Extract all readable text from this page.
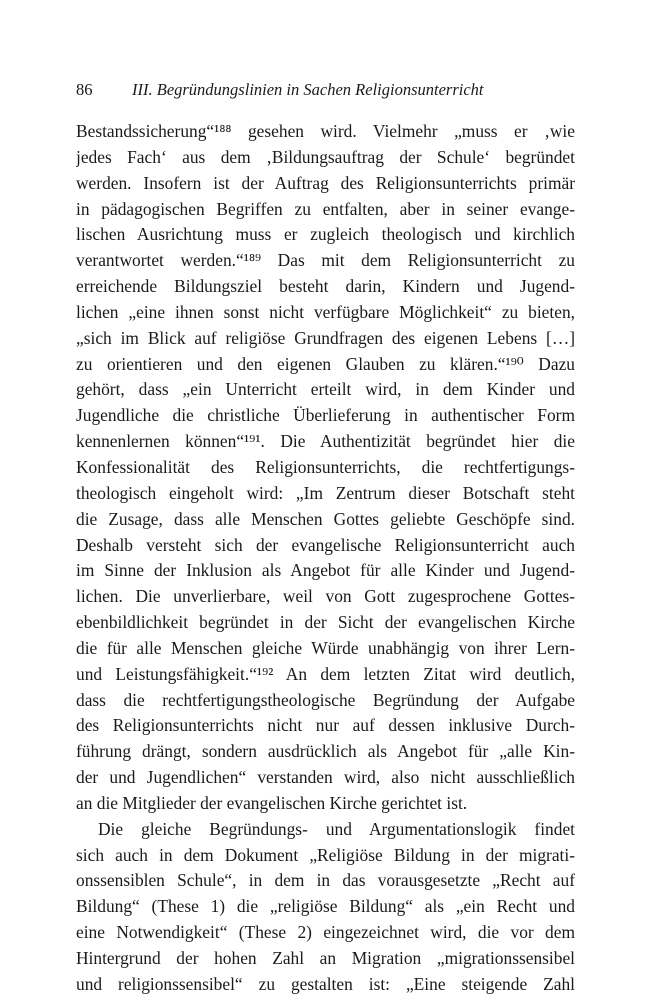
86 III. Begründungslinien in Sachen Religionsunterricht
Bestandssicherung“¹⁸⁸ gesehen wird. Vielmehr „muss er ‚wie
jedes Fach‘ aus dem ‚Bildungsauftrag der Schule‘ begründet
werden. Insofern ist der Auftrag des Religionsunterrichts primär
in pädagogischen Begriffen zu entfalten, aber in seiner evange-
lischen Ausrichtung muss er zugleich theologisch und kirchlich
verantwortet werden.“¹⁸⁹ Das mit dem Religionsunterricht zu
erreichende Bildungsziel besteht darin, Kindern und Jugend-
lichen „eine ihnen sonst nicht verfügbare Möglichkeit“ zu bieten,
„sich im Blick auf religiöse Grundfragen des eigenen Lebens […]
zu orientieren und den eigenen Glauben zu klären.“¹⁹⁰ Dazu
gehört, dass „ein Unterricht erteilt wird, in dem Kinder und
Jugendliche die christliche Überlieferung in authentischer Form
kennenlernen können“¹⁹¹. Die Authentizität begründet hier die
Konfessionalität des Religionsunterrichts, die rechtfertigungs-
theologisch eingeholt wird: „Im Zentrum dieser Botschaft steht
die Zusage, dass alle Menschen Gottes geliebte Geschöpfe sind.
Deshalb versteht sich der evangelische Religionsunterricht auch
im Sinne der Inklusion als Angebot für alle Kinder und Jugend-
lichen. Die unverlierbare, weil von Gott zugesprochene Gottes-
ebenbildlichkeit begründet in der Sicht der evangelischen Kirche
die für alle Menschen gleiche Würde unabhängig von ihrer Lern-
und Leistungsfähigkeit.“¹⁹² An dem letzten Zitat wird deutlich,
dass die rechtfertigungstheologische Begründung der Aufgabe
des Religionsunterrichts nicht nur auf dessen inklusive Durch-
führung drängt, sondern ausdrücklich als Angebot für „alle Kin-
der und Jugendlichen“ verstanden wird, also nicht ausschließlich
an die Mitglieder der evangelischen Kirche gerichtet ist.
Die gleiche Begründungs- und Argumentationslogik findet
sich auch in dem Dokument „Religiöse Bildung in der migrati-
onssensiblen Schule“, in dem in das vorausgesetzte „Recht auf
Bildung“ (These 1) die „religiöse Bildung“ als „ein Recht und
eine Notwendigkeit“ (These 2) eingezeichnet wird, die vor dem
Hintergrund der hohen Zahl an Migration „migrationssensibel
und religionssensibel“ zu gestalten ist: „Eine steigende Zahl
